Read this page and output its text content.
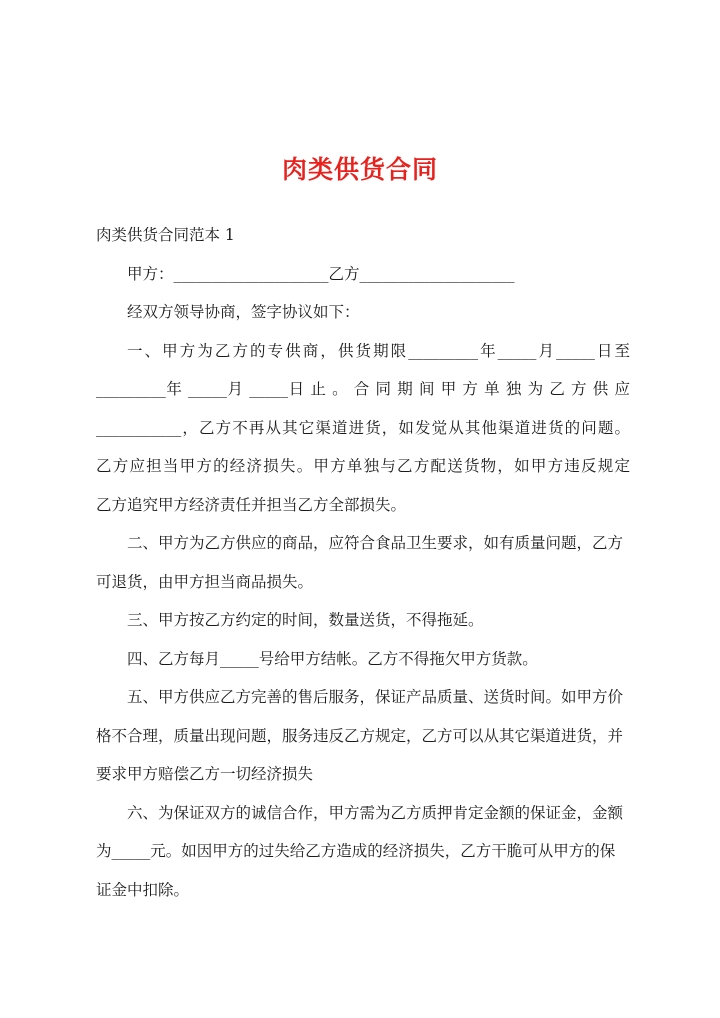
肉类供货合同

肉类供货合同范本 1

甲方：____________________乙方____________________

经双方领导协商，签字协议如下：

一、甲方为乙方的专供商，供货期限_________年_____月_____日至

_________年 _____月 _____日 止 。 合 同 期 间 甲 方 单 独 为 乙 方 供 应

___________，乙方不再从其它渠道进货，如发觉从其他渠道进货的问题。

乙方应担当甲方的经济损失。甲方单独与乙方配送货物，如甲方违反规定

乙方追究甲方经济责任并担当乙方全部损失。

二、甲方为乙方供应的商品，应符合食品卫生要求，如有质量问题，乙方可退货，由甲方担当商品损失。

三、甲方按乙方约定的时间，数量送货，不得拖延。

四、乙方每月_____号给甲方结帐。乙方不得拖欠甲方货款。

五、甲方供应乙方完善的售后服务，保证产品质量、送货时间。如甲方价格不合理，质量出现问题，服务违反乙方规定，乙方可以从其它渠道进货，并要求甲方赔偿乙方一切经济损失

六、为保证双方的诚信合作，甲方需为乙方质押肯定金额的保证金，金额为_____元。如因甲方的过失给乙方造成的经济损失，乙方干脆可从甲方的保证金中扣除。
